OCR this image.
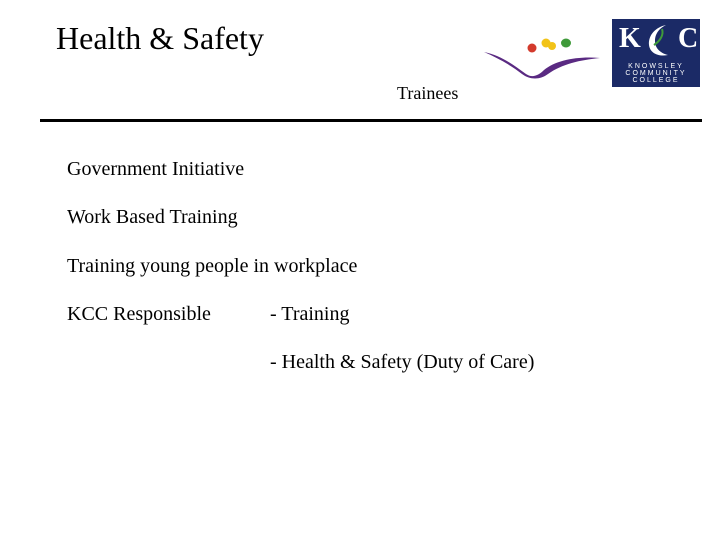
Health & Safety	K C
KNOWSLEY
COMMUNITY
COLLEGE
Trainees
Government Initiative
Work Based Training
Training young people in workplace
KCC Responsible	- Training
- Health & Safety (Duty of Care)
